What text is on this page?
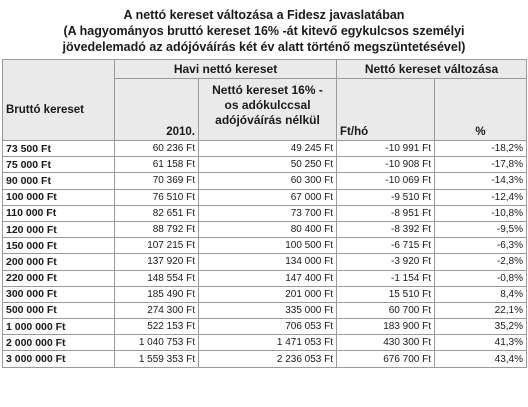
A nettó kereset változása a Fidesz javaslatában
(A hagyományos bruttó kereset 16% -át kitevő egykulcsos személyi
jövedelemadó az adójóváírás két év alatt történő megszüntetésével)
	Havi nettó kereset		Nettó kereset változása	
Bruttó kereset	2010.	Nettó kereset 16% -
os adókulccsal
adójóváírás nélkül	Ft/hó	%
73 500 Ft	60 236 Ft	49 245 Ft	-10 991 Ft	-18,2%
75 000 Ft	61 158 Ft	50 250 Ft	-10 908 Ft	-17,8%
90 000 Ft	70 369 Ft	60 300 Ft	-10 069 Ft	-14,3%
100 000 Ft	76 510 Ft	67 000 Ft	-9 510 Ft	-12,4%
110 000 Ft	82 651 Ft	73 700 Ft	-8 951 Ft	-10,8%
120 000 Ft	88 792 Ft	80 400 Ft	-8 392 Ft	-9,5%
150 000 Ft	107 215 Ft	100 500 Ft	-6 715 Ft	-6,3%
200 000 Ft	137 920 Ft	134 000 Ft	-3 920 Ft	-2,8%
220 000 Ft	148 554 Ft	147 400 Ft	-1 154 Ft	-0,8%
300 000 Ft	185 490 Ft	201 000 Ft	15 510 Ft	8,4%
500 000 Ft	274 300 Ft	335 000 Ft	60 700 Ft	22,1%
1 000 000 Ft	522 153 Ft	706 053 Ft	183 900 Ft	35,2%
2 000 000 Ft	1 040 753 Ft	1 471 053 Ft	430 300 Ft	41,3%
3 000 000 Ft	1 559 353 Ft	2 236 053 Ft	676 700 Ft	43,4%
